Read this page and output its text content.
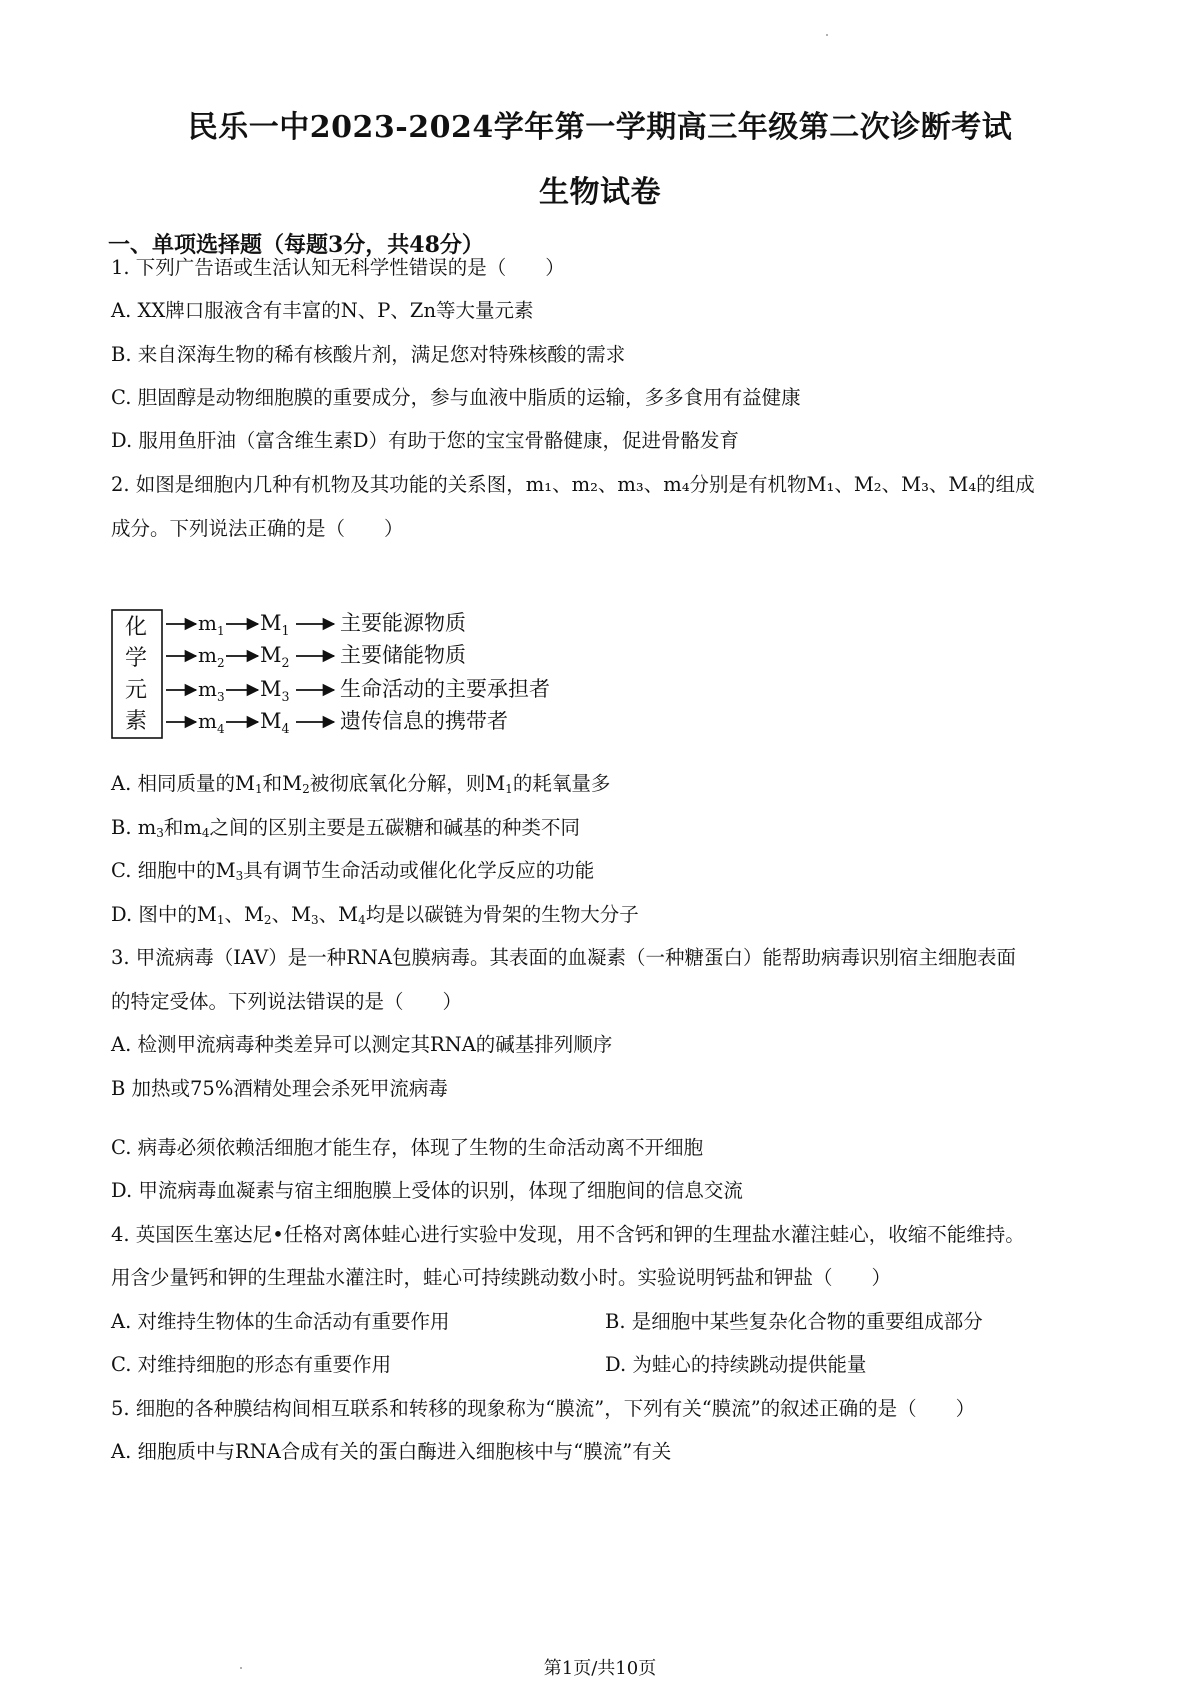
民乐一中2023-2024学年第一学期高三年级第二次诊断考试
生物试卷
一、单项选择题（每题3分，共48分）
1. 下列广告语或生活认知无科学性错误的是（　　）
A. XX牌口服液含有丰富的N、P、Zn等大量元素
B. 来自深海生物的稀有核酸片剂，满足您对特殊核酸的需求
C. 胆固醇是动物细胞膜的重要成分，参与血液中脂质的运输，多多食用有益健康
D. 服用鱼肝油（富含维生素D）有助于您的宝宝骨骼健康，促进骨骼发育
2. 如图是细胞内几种有机物及其功能的关系图，m₁、m₂、m₃、m₄分别是有机物M₁、M₂、M₃、M₄的组成
成分。下列说法正确的是（　　）
化
学
元
素
$m_1$ $M_1$ 主要能源物质
$m_2$ $M_2$ 主要储能物质
$m_3$ $M_3$ 生命活动的主要承担者
$m_4$ $M_4$ 遗传信息的携带者
A. 相同质量的$M_1$和$M_2$被彻底氧化分解，则$M_1$的耗氧量多
B. $m_3$和$m_4$之间的区别主要是五碳糖和碱基的种类不同
C. 细胞中的$M_3$具有调节生命活动或催化化学反应的功能
D. 图中的$M_1$、$M_2$、$M_3$、$M_4$均是以碳链为骨架的生物大分子
3. 甲流病毒（IAV）是一种RNA包膜病毒。其表面的血凝素（一种糖蛋白）能帮助病毒识别宿主细胞表面
的特定受体。下列说法错误的是（　　）
A. 检测甲流病毒种类差异可以测定其RNA的碱基排列顺序
B 加热或75%酒精处理会杀死甲流病毒
C. 病毒必须依赖活细胞才能生存，体现了生物的生命活动离不开细胞
D. 甲流病毒血凝素与宿主细胞膜上受体的识别，体现了细胞间的信息交流
4. 英国医生塞达尼•任格对离体蛙心进行实验中发现，用不含钙和钾的生理盐水灌注蛙心，收缩不能维持。
用含少量钙和钾的生理盐水灌注时，蛙心可持续跳动数小时。实验说明钙盐和钾盐（　　）
A. 对维持生物体的生命活动有重要作用	B. 是细胞中某些复杂化合物的重要组成部分
C. 对维持细胞的形态有重要作用	D. 为蛙心的持续跳动提供能量
5. 细胞的各种膜结构间相互联系和转移的现象称为“膜流”，下列有关“膜流”的叙述正确的是（　　）
A. 细胞质中与RNA合成有关的蛋白酶进入细胞核中与“膜流”有关
第1页/共10页
